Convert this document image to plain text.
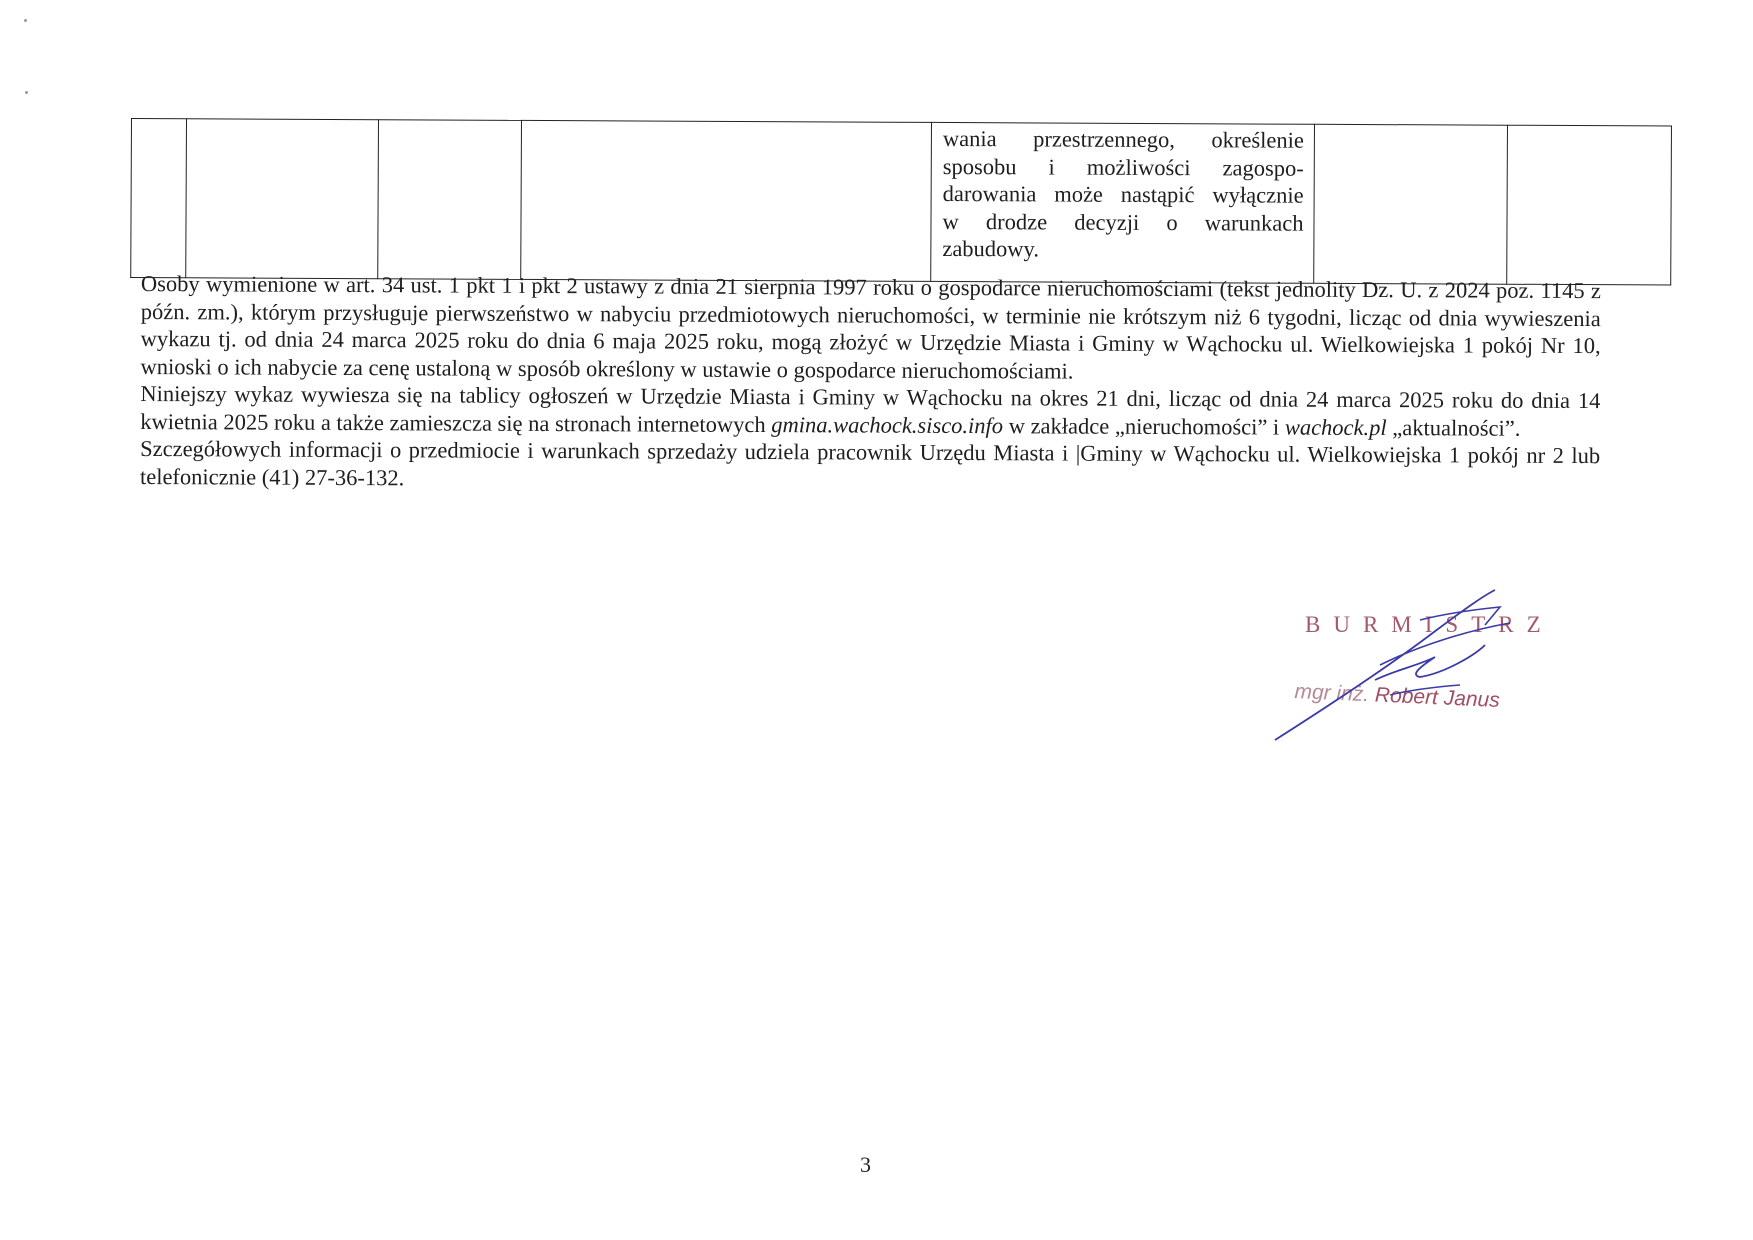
wania przestrzennego, określenie

sposobu i możliwości zagospo-

darowania może nastąpić wyłącznie

w drodze decyzji o warunkach

zabudowy.

Osoby wymienione w art. 34 ust. 1 pkt 1 i pkt 2 ustawy z dnia 21 sierpnia 1997 roku o gospodarce nieruchomościami (tekst jednolity Dz. U. z 2024 poz. 1145 z późn. zm.), którym przysługuje pierwszeństwo w nabyciu przedmiotowych nieruchomości, w terminie nie krótszym niż 6 tygodni, licząc od dnia wywieszenia wykazu tj. od dnia 24 marca 2025 roku do dnia 6 maja 2025 roku, mogą złożyć w Urzędzie Miasta i Gminy w Wąchocku ul. Wielkowiejska 1 pokój Nr 10, wnioski o ich nabycie za cenę ustaloną w sposób określony w ustawie o gospodarce nieruchomościami.

Niniejszy wykaz wywiesza się na tablicy ogłoszeń w Urzędzie Miasta i Gminy w Wąchocku na okres 21 dni, licząc od dnia 24 marca 2025 roku do dnia 14 kwietnia 2025 roku a także zamieszcza się na stronach internetowych gmina.wachock.sisco.info w zakładce „nieruchomości” i wachock.pl „aktualności”.

Szczegółowych informacji o przedmiocie i warunkach sprzedaży udziela pracownik Urzędu Miasta i |Gminy w Wąchocku ul. Wielkowiejska 1 pokój nr 2 lub telefonicznie (41) 27-36-132.

BURMISTRZ
mgr inż. Robert Janus
3
